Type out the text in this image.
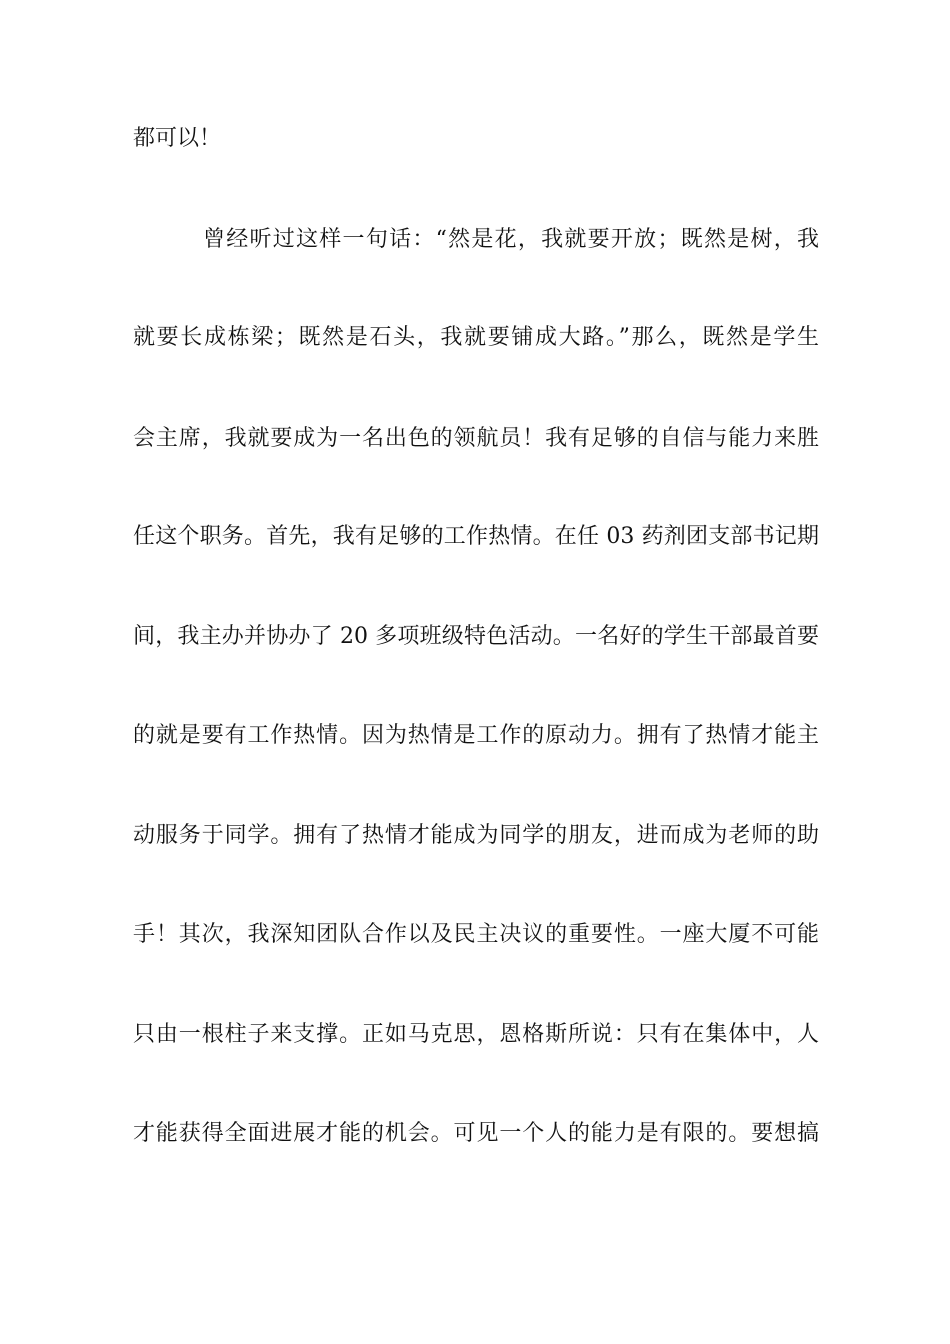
都可以！
曾经听过这样一句话：“然是花，我就要开放；既然是树，我
就要长成栋梁；既然是石头，我就要铺成大路。”那么，既然是学生
会主席，我就要成为一名出色的领航员！我有足够的自信与能力来胜
任这个职务。首先，我有足够的工作热情。在任 03 药剂团支部书记期
间，我主办并协办了 20 多项班级特色活动。一名好的学生干部最首要
的就是要有工作热情。因为热情是工作的原动力。拥有了热情才能主
动服务于同学。拥有了热情才能成为同学的朋友，进而成为老师的助
手！其次，我深知团队合作以及民主决议的重要性。一座大厦不可能
只由一根柱子来支撑。正如马克思，恩格斯所说：只有在集体中，人
才能获得全面进展才能的机会。可见一个人的能力是有限的。要想搞
